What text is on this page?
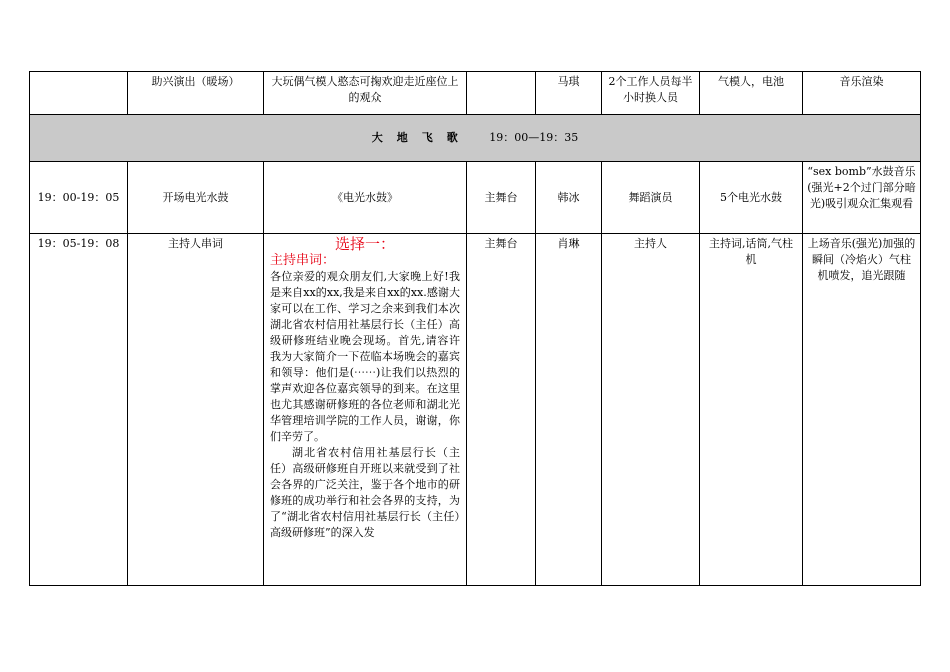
	助兴演出（暖场）	大玩偶气模人憨态可掬欢迎走近座位上的观众		马琪	2个工作人员每半小时换人员	气模人，电池	音乐渲染
大地飞歌 19：00—19：35							
19：00-19：05	开场电光水鼓	《电光水鼓》	主舞台	韩冰	舞蹈演员	5个电光水鼓	“sex bomb”水鼓音乐(强光+2个过门部分暗光)吸引观众汇集观看
19：05-19：08	主持人串词	选择一：
主持串词：

各位亲爱的观众朋友们,大家晚上好!我是来自xx的xx,我是来自xx的xx.感谢大家可以在工作、学习之余来到我们本次湖北省农村信用社基层行长（主任）高级研修班结业晚会现场。首先,请容许我为大家简介一下莅临本场晚会的嘉宾和领导：他们是(⋯⋯)让我们以热烈的掌声欢迎各位嘉宾领导的到来。在这里也尤其感谢研修班的各位老师和湖北光华管理培训学院的工作人员，谢谢，你们辛劳了。

湖北省农村信用社基层行长（主任）高级研修班自开班以来就受到了社会各界的广泛关注，鉴于各个地市的研修班的成功举行和社会各界的支持，为了“湖北省农村信用社基层行长（主任）高级研修班”的深入发	主舞台	肖琳	主持人	主持词,话筒,气柱机	上场音乐(强光)加强的瞬间（冷焰火）气柱机喷发，追光跟随
